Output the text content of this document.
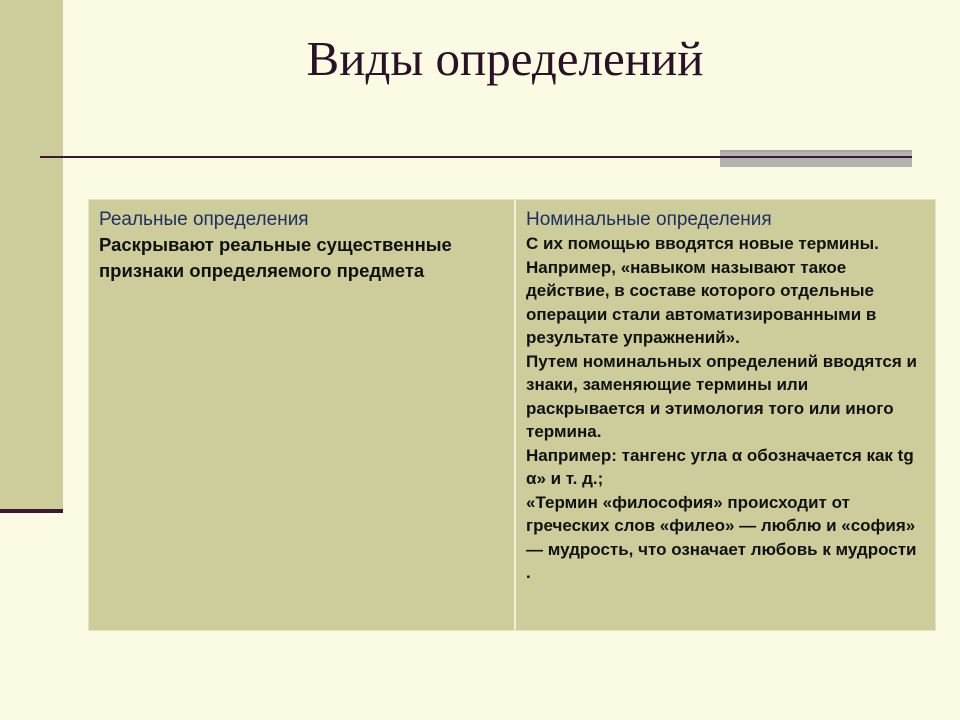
Виды определений

Реальные определения

Раскрывают реальные существенные признаки определяемого предмета

Номинальные определения

С их помощью вводятся новые термины. Например, «навыком называют такое действие, в составе которого отдельные операции стали автоматизированными в результате упражнений».
Путем номинальных определений вводятся и знаки, заменяющие термины или раскрывается и этимология того или иного термина.
Например: тангенс угла α обозначается как tg α» и т. д.;
«Термин «философия» происходит от греческих слов «филео» — люблю и «софия» — мудрость, что означает любовь к мудрости .
